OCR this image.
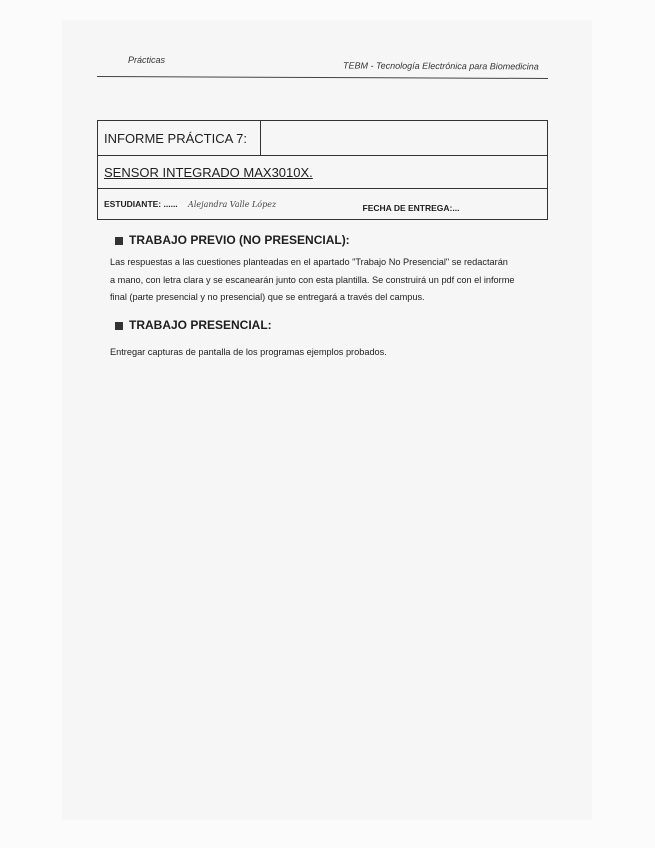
Prácticas
TEBM - Tecnología Electrónica para Biomedicina
INFORME PRÁCTICA 7:	
SENSOR INTEGRADO MAX3010X.
ESTUDIANTE: ...... Alejandra Valle López	FECHA DE ENTREGA:...
TRABAJO PREVIO (NO PRESENCIAL):
Las respuestas a las cuestiones planteadas en el apartado "Trabajo No Presencial" se redactarán
a mano, con letra clara y se escanearán junto con esta plantilla. Se construirá un pdf con el informe
final (parte presencial y no presencial) que se entregará a través del campus.
TRABAJO PRESENCIAL:
Entregar capturas de pantalla de los programas ejemplos probados.
